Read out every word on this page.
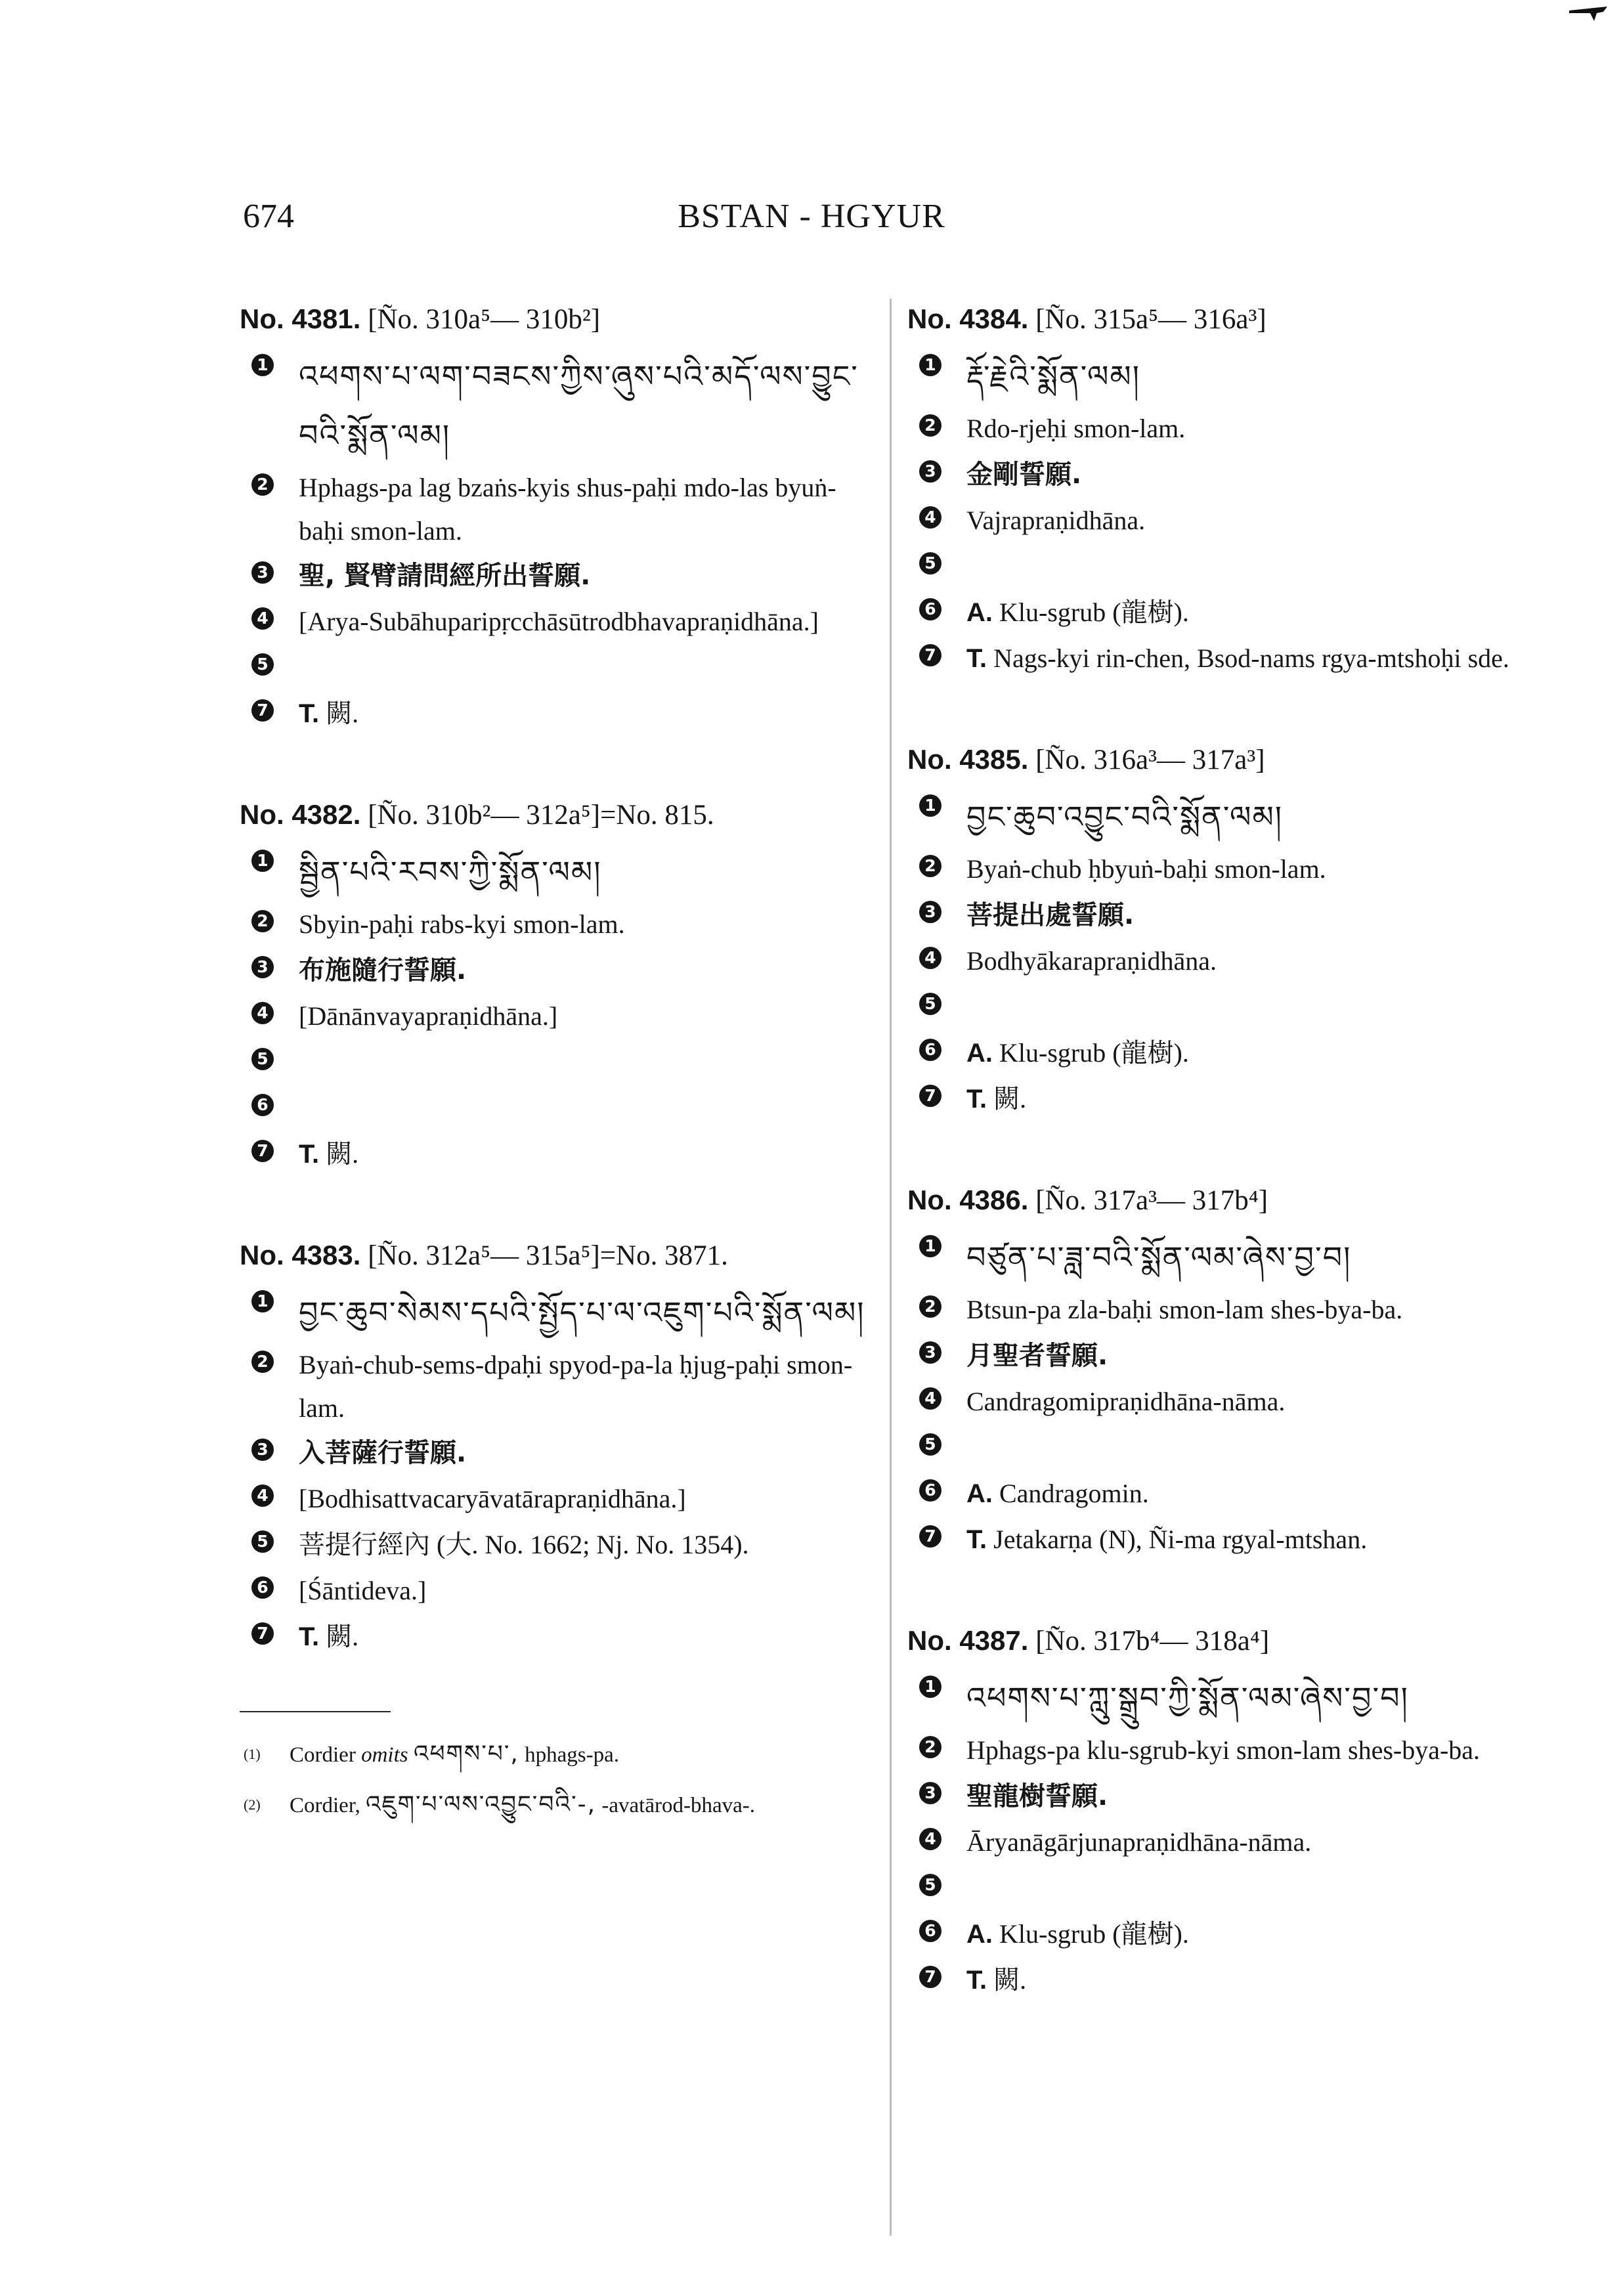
674	BSTAN - HGYUR
No. 4381. [Ño. 310a⁵— 310b²]
1 འཕགས་པ་ལག་བཟངས་ཀྱིས་ཞུས་པའི་མདོ་ལས་བྱུང་བའི་སྨོན་ལམ།
2 Hphags-pa lag bzaṅs-kyis shus-paḥi mdo-las byuṅ-baḥi smon-lam.
3 聖, 賢臂請問經所出誓願.
4 [Arya-Subāhuparipṛcchāsūtrodbhavapraṇidhāna.]
5
7 T. 闕.
No. 4382. [Ño. 310b²— 312a⁵]=No. 815.
1 སྦྱིན་པའི་རབས་ཀྱི་སྨོན་ལམ།
2 Sbyin-paḥi rabs-kyi smon-lam.
3 布施隨行誓願.
4 [Dānānvayapraṇidhāna.]
5
6
7 T. 闕.
No. 4383. [Ño. 312a⁵— 315a⁵]=No. 3871.
1 བྱང་ཆུབ་སེམས་དཔའི་སྤྱོད་པ་ལ་འཇུག་པའི་སྨོན་ལམ།
2 Byaṅ-chub-sems-dpaḥi spyod-pa-la ḥjug-paḥi smon-lam.
3 入菩薩行誓願.
4 [Bodhisattvacaryāvatārapraṇidhāna.]
5 菩提行經內 (大. No. 1662; Nj. No. 1354).
6 [Śāntideva.]
7 T. 闕.
(1)	Cordier omits འཕགས་པ་, hphags-pa.
(2)	Cordier, འཇུག་པ་ལས་འབྱུང་བའི་-, -avatārod-bhava-.
No. 4384. [Ño. 315a⁵— 316a³]
1 རྡོ་རྗེའི་སྨོན་ལམ།
2 Rdo-rjeḥi smon-lam.
3 金剛誓願.
4 Vajrapraṇidhāna.
5
6 A. Klu-sgrub (龍樹).
7 T. Nags-kyi rin-chen, Bsod-nams rgya-mtshoḥi sde.
No. 4385. [Ño. 316a³— 317a³]
1 བྱང་ཆུབ་འབྱུང་བའི་སྨོན་ལམ།
2 Byaṅ-chub ḥbyuṅ-baḥi smon-lam.
3 菩提出處誓願.
4 Bodhyākarapraṇidhāna.
5
6 A. Klu-sgrub (龍樹).
7 T. 闕.
No. 4386. [Ño. 317a³— 317b⁴]
1 བཙུན་པ་ཟླ་བའི་སྨོན་ལམ་ཞེས་བྱ་བ།
2 Btsun-pa zla-baḥi smon-lam shes-bya-ba.
3 月聖者誓願.
4 Candragomipraṇidhāna-nāma.
5
6 A. Candragomin.
7 T. Jetakarṇa (N), Ñi-ma rgyal-mtshan.
No. 4387. [Ño. 317b⁴— 318a⁴]
1 འཕགས་པ་ཀླུ་སྒྲུབ་ཀྱི་སྨོན་ལམ་ཞེས་བྱ་བ།
2 Hphags-pa klu-sgrub-kyi smon-lam shes-bya-ba.
3 聖龍樹誓願.
4 Āryanāgārjunapraṇidhāna-nāma.
5
6 A. Klu-sgrub (龍樹).
7 T. 闕.
